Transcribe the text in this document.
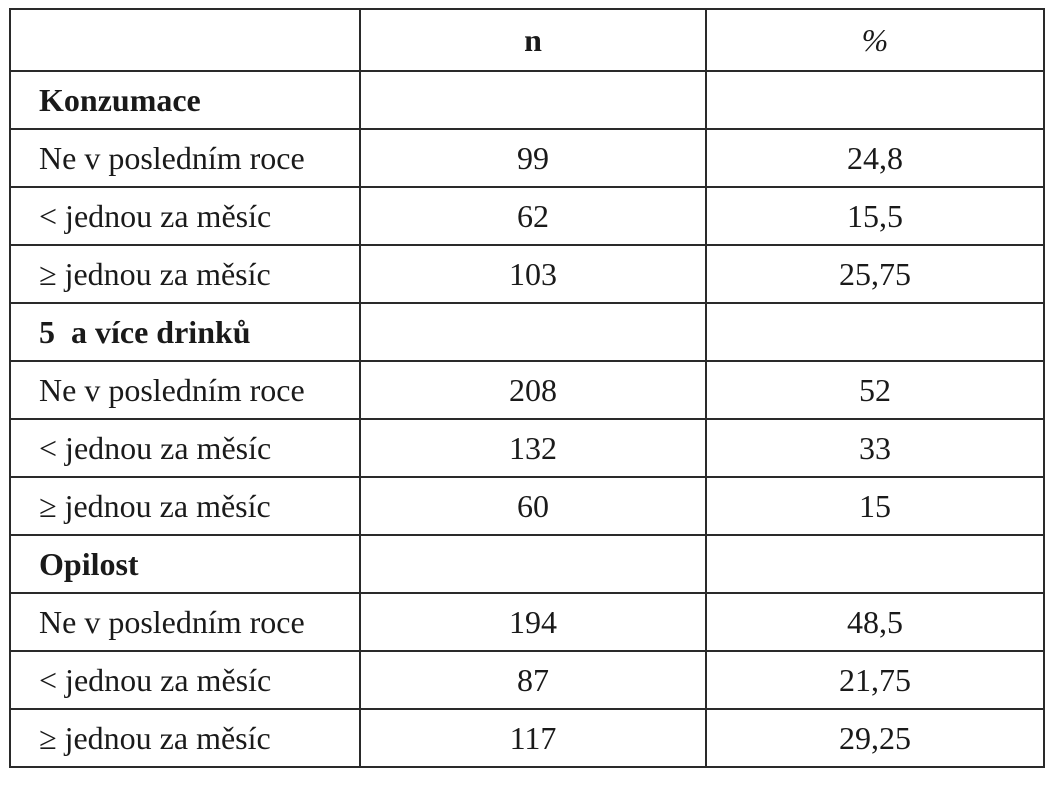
	n	%
Konzumace		
Ne v posledním roce	99	24,8
< jednou za měsíc	62	15,5
≥ jednou za měsíc	103	25,75
5  a více drinků		
Ne v posledním roce	208	52
< jednou za měsíc	132	33
≥ jednou za měsíc	60	15
Opilost		
Ne v posledním roce	194	48,5
< jednou za měsíc	87	21,75
≥ jednou za měsíc	117	29,25
